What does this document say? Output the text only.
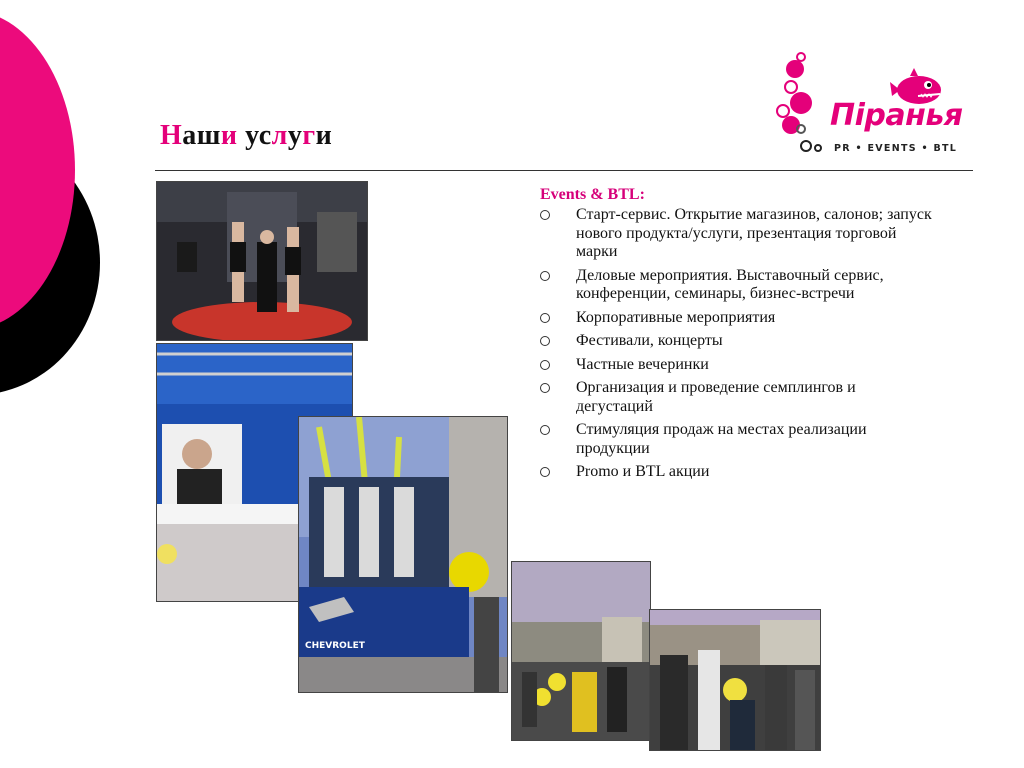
Наши услуги

Піранья

PR • EVENTS • BTL

CHEVROLET

Events & BTL:

Старт-сервис. Открытие магазинов, салонов; запуск нового продукта/услуги, презентация торговой марки
Деловые мероприятия. Выставочный сервис, конференции, семинары, бизнес-встречи
Корпоративные мероприятия
Фестивали, концерты
Частные вечеринки
Организация и проведение семплингов и дегустаций
Стимуляция продаж на местах реализации продукции
Promo и BTL акции
